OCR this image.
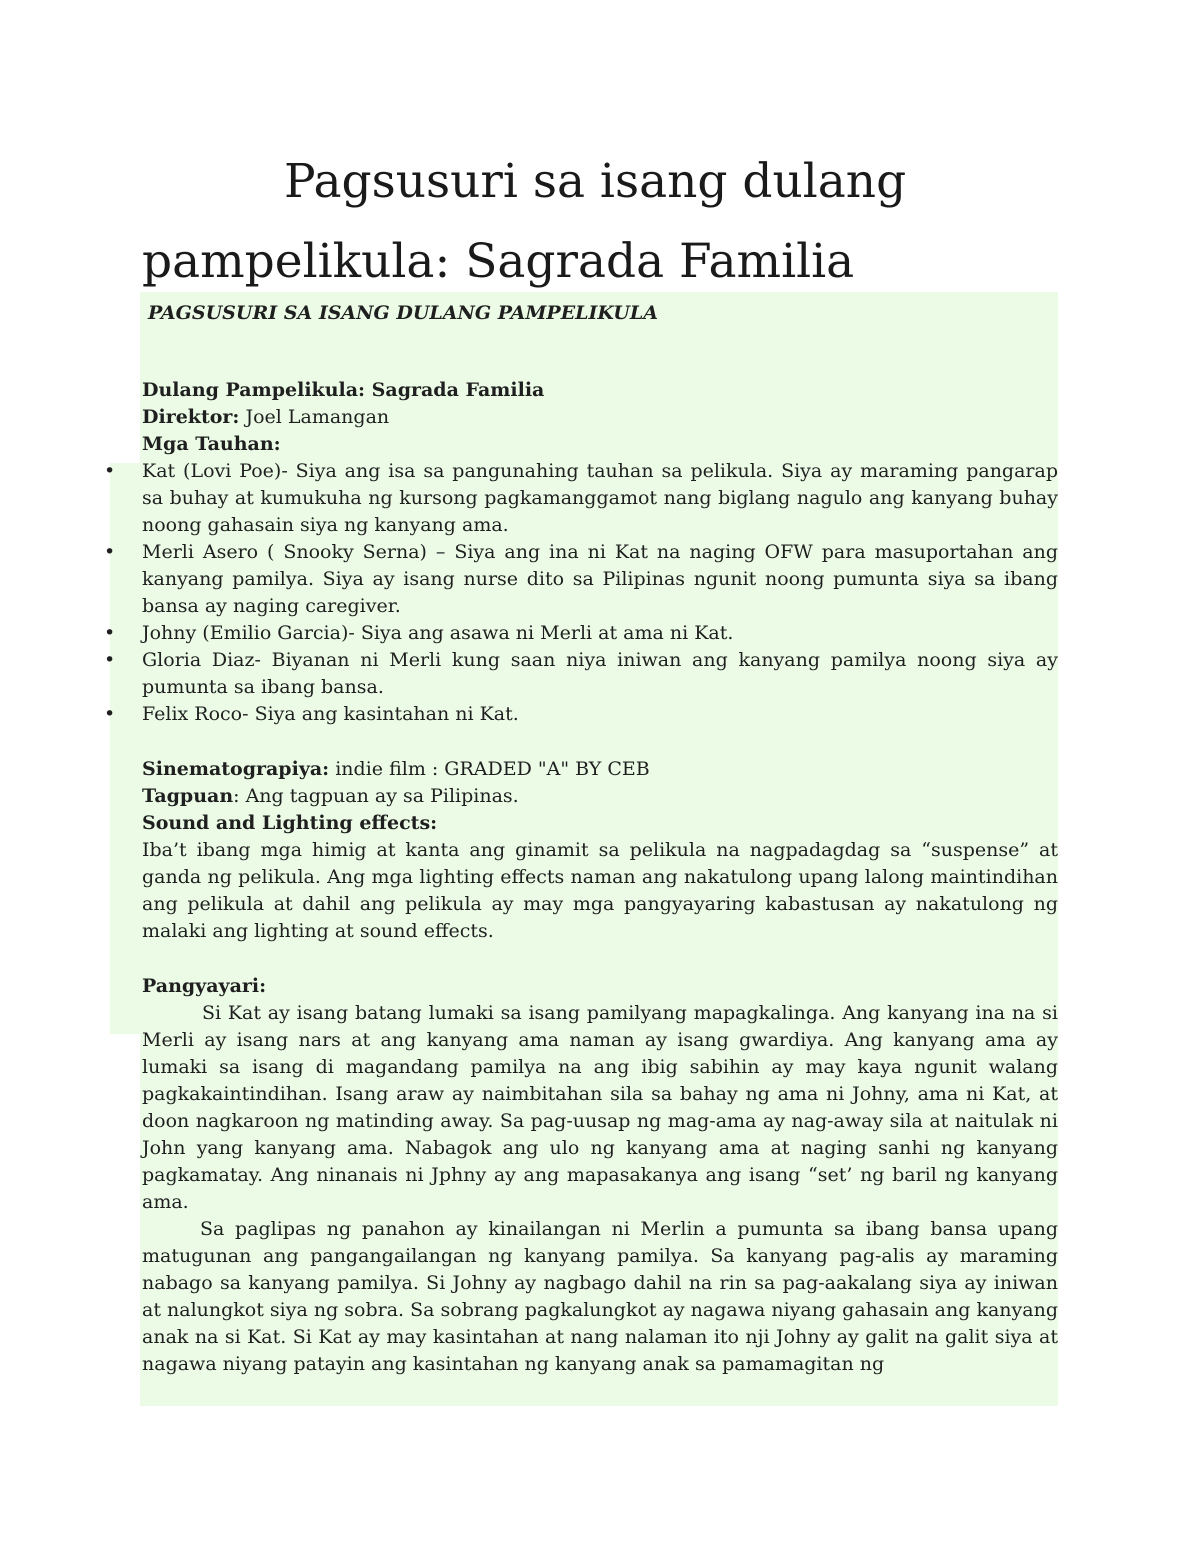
Pagsusuri sa isang dulang
pampelikula: Sagrada Familia

PAGSUSURI SA ISANG DULANG PAMPELIKULA

Dulang Pampelikula: Sagrada Familia

Direktor: Joel Lamangan

Mga Tauhan:

• Kat (Lovi Poe)- Siya ang isa sa pangunahing tauhan sa pelikula. Siya ay maraming pangarap sa buhay at kumukuha ng kursong pagkamanggamot nang biglang nagulo ang kanyang buhay noong gahasain siya ng kanyang ama.
• Merli Asero ( Snooky Serna) – Siya ang ina ni Kat na naging OFW para masuportahan ang kanyang pamilya. Siya ay isang nurse dito sa Pilipinas ngunit noong pumunta siya sa ibang bansa ay naging caregiver.
• Johny (Emilio Garcia)- Siya ang asawa ni Merli at ama ni Kat.
• Gloria Diaz- Biyanan ni Merli kung saan niya iniwan ang kanyang pamilya noong siya ay pumunta sa ibang bansa.
• Felix Roco- Siya ang kasintahan ni Kat.

Sinematograpiya: indie film : GRADED "A" BY CEB

Tagpuan: Ang tagpuan ay sa Pilipinas.

Sound and Lighting effects:

Iba’t ibang mga himig at kanta ang ginamit sa pelikula na nagpadagdag sa “suspense” at ganda ng pelikula. Ang mga lighting effects naman ang nakatulong upang lalong maintindihan ang pelikula at dahil ang pelikula ay may mga pangyayaring kabastusan ay nakatulong ng malaki ang lighting at sound effects.

Pangyayari:

Si Kat ay isang batang lumaki sa isang pamilyang mapagkalinga. Ang kanyang ina na si Merli ay isang nars at ang kanyang ama naman ay isang gwardiya. Ang kanyang ama ay lumaki sa isang di magandang pamilya na ang ibig sabihin ay may kaya ngunit walang pagkakaintindihan. Isang araw ay naimbitahan sila sa bahay ng ama ni Johny, ama ni Kat, at doon nagkaroon ng matinding away. Sa pag-uusap ng mag-ama ay nag-away sila at naitulak ni John yang kanyang ama. Nabagok ang ulo ng kanyang ama at naging sanhi ng kanyang pagkamatay. Ang ninanais ni Jphny ay ang mapasakanya ang isang “set’ ng baril ng kanyang ama.

Sa paglipas ng panahon ay kinailangan ni Merlin a pumunta sa ibang bansa upang matugunan ang pangangailangan ng kanyang pamilya. Sa kanyang pag-alis ay maraming nabago sa kanyang pamilya. Si Johny ay nagbago dahil na rin sa pag-aakalang siya ay iniwan at nalungkot siya ng sobra. Sa sobrang pagkalungkot ay nagawa niyang gahasain ang kanyang anak na si Kat. Si Kat ay may kasintahan at nang nalaman ito nji Johny ay galit na galit siya at nagawa niyang patayin ang kasintahan ng kanyang anak sa pamamagitan ng
